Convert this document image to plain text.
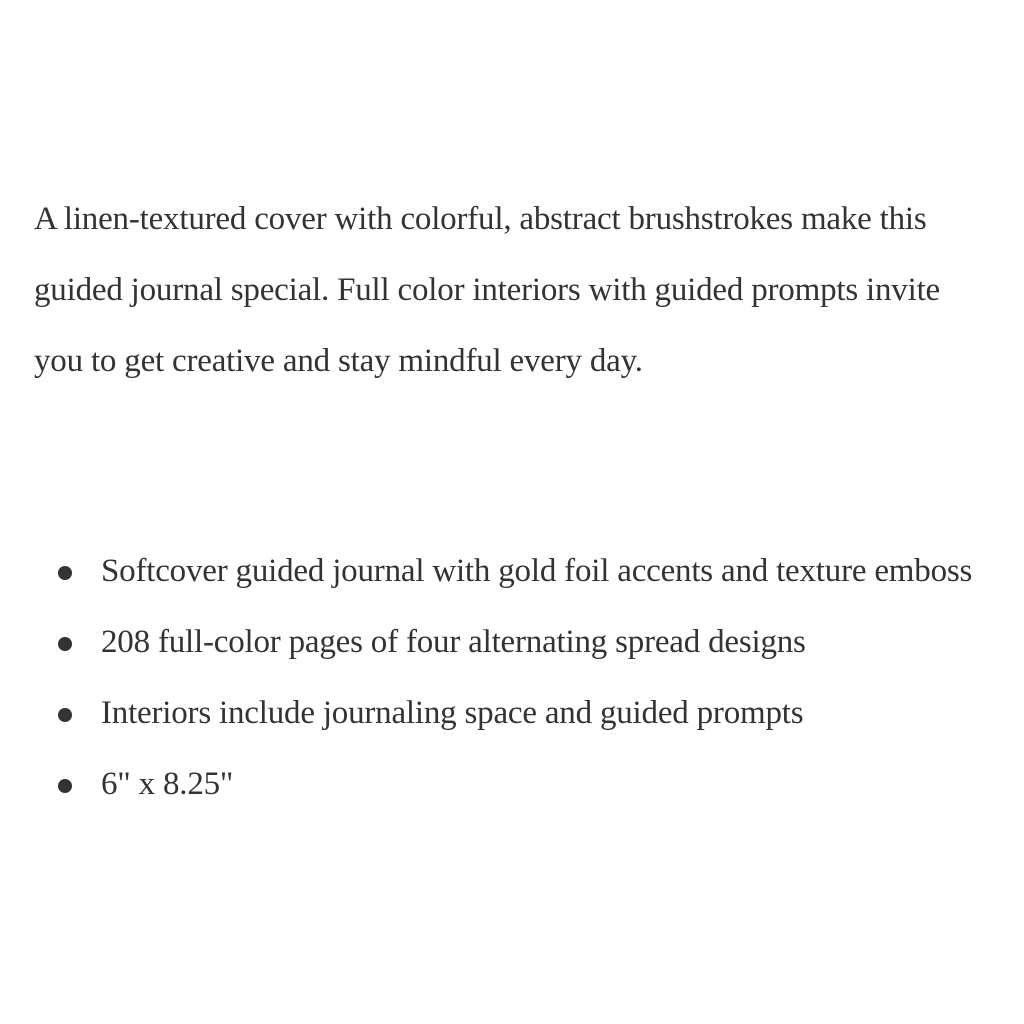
A linen-textured cover with colorful, abstract brushstrokes make this guided journal special. Full color interiors with guided prompts invite you to get creative and stay mindful every day.

Softcover guided journal with gold foil accents and texture emboss
208 full-color pages of four alternating spread designs
Interiors include journaling space and guided prompts
6" x 8.25"
